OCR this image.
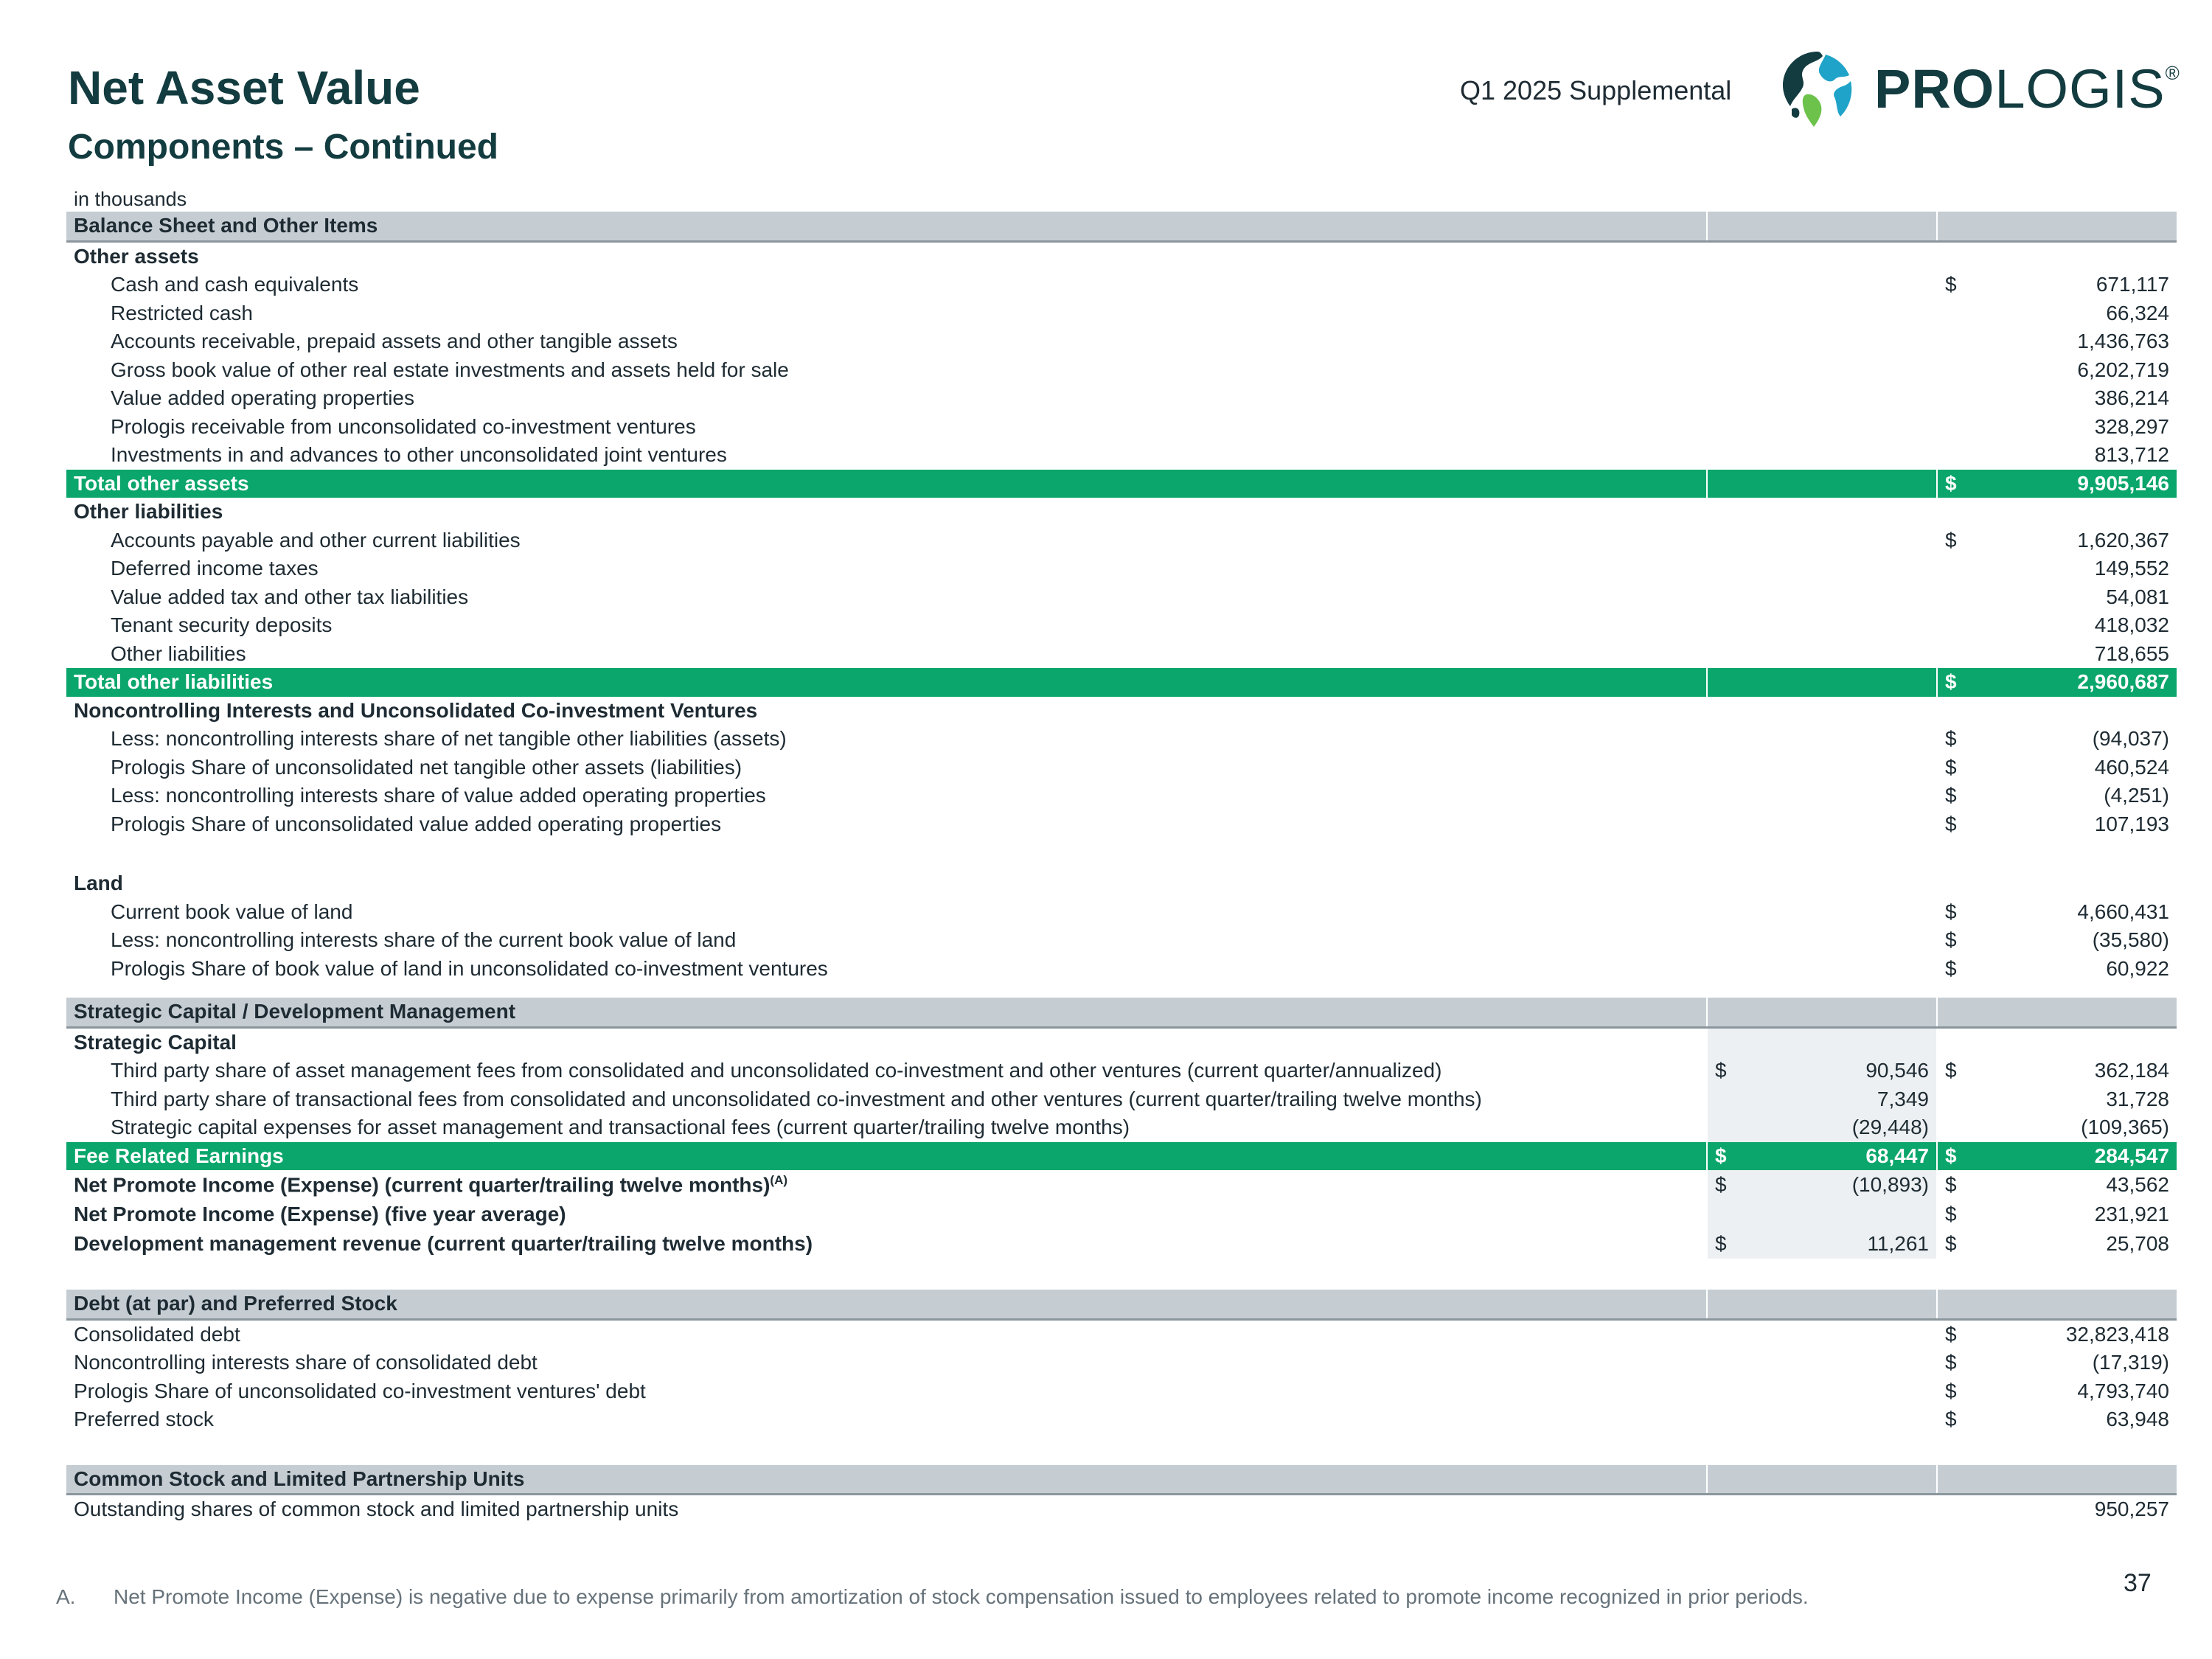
Net Asset Value
Components – Continued
Q1 2025 Supplemental	PROLOGIS®
in thousands
Balance Sheet and Other Items		
Other assets		
Cash and cash equivalents		$ 671,117

Restricted cash		66,324

Accounts receivable, prepaid assets and other tangible assets		1,436,763

Gross book value of other real estate investments and assets held for sale		6,202,719

Value added operating properties		386,214

Prologis receivable from unconsolidated co-investment ventures		328,297

Investments in and advances to other unconsolidated joint ventures		813,712

Total other assets		$ 9,905,146

Other liabilities		
Accounts payable and other current liabilities		$ 1,620,367

Deferred income taxes		149,552

Value added tax and other tax liabilities		54,081

Tenant security deposits		418,032

Other liabilities		718,655

Total other liabilities		$ 2,960,687

Noncontrolling Interests and Unconsolidated Co-investment Ventures		
Less: noncontrolling interests share of net tangible other liabilities (assets)		$ (94,037)

Prologis Share of unconsolidated net tangible other assets (liabilities)		$ 460,524

Less: noncontrolling interests share of value added operating properties		$ (4,251)

Prologis Share of unconsolidated value added operating properties		$ 107,193

Land		
Current book value of land		$ 4,660,431

Less: noncontrolling interests share of the current book value of land		$ (35,580)

Prologis Share of book value of land in unconsolidated co-investment ventures		$ 60,922

Strategic Capital / Development Management		
Strategic Capital		
Third party share of asset management fees from consolidated and unconsolidated co-investment and other ventures (current quarter/annualized)	$ 90,546	$ 362,184

Third party share of transactional fees from consolidated and unconsolidated co-investment and other ventures (current quarter/trailing twelve months)	7,349	31,728

Strategic capital expenses for asset management and transactional fees (current quarter/trailing twelve months)	(29,448)	(109,365)

Fee Related Earnings	$ 68,447	$ 284,547

Net Promote Income (Expense) (current quarter/trailing twelve months)$^{(A)}$	$ (10,893)	$ 43,562

Net Promote Income (Expense) (five year average)		$ 231,921

Development management revenue (current quarter/trailing twelve months)	$ 11,261	$ 25,708

Debt (at par) and Preferred Stock		
Consolidated debt		$ 32,823,418

Noncontrolling interests share of consolidated debt		$ (17,319)

Prologis Share of unconsolidated co-investment ventures' debt		$ 4,793,740

Preferred stock		$ 63,948

Common Stock and Limited Partnership Units		
Outstanding shares of common stock and limited partnership units		950,257
A. Net Promote Income (Expense) is negative due to expense primarily from amortization of stock compensation issued to employees related to promote income recognized in prior periods.	37
